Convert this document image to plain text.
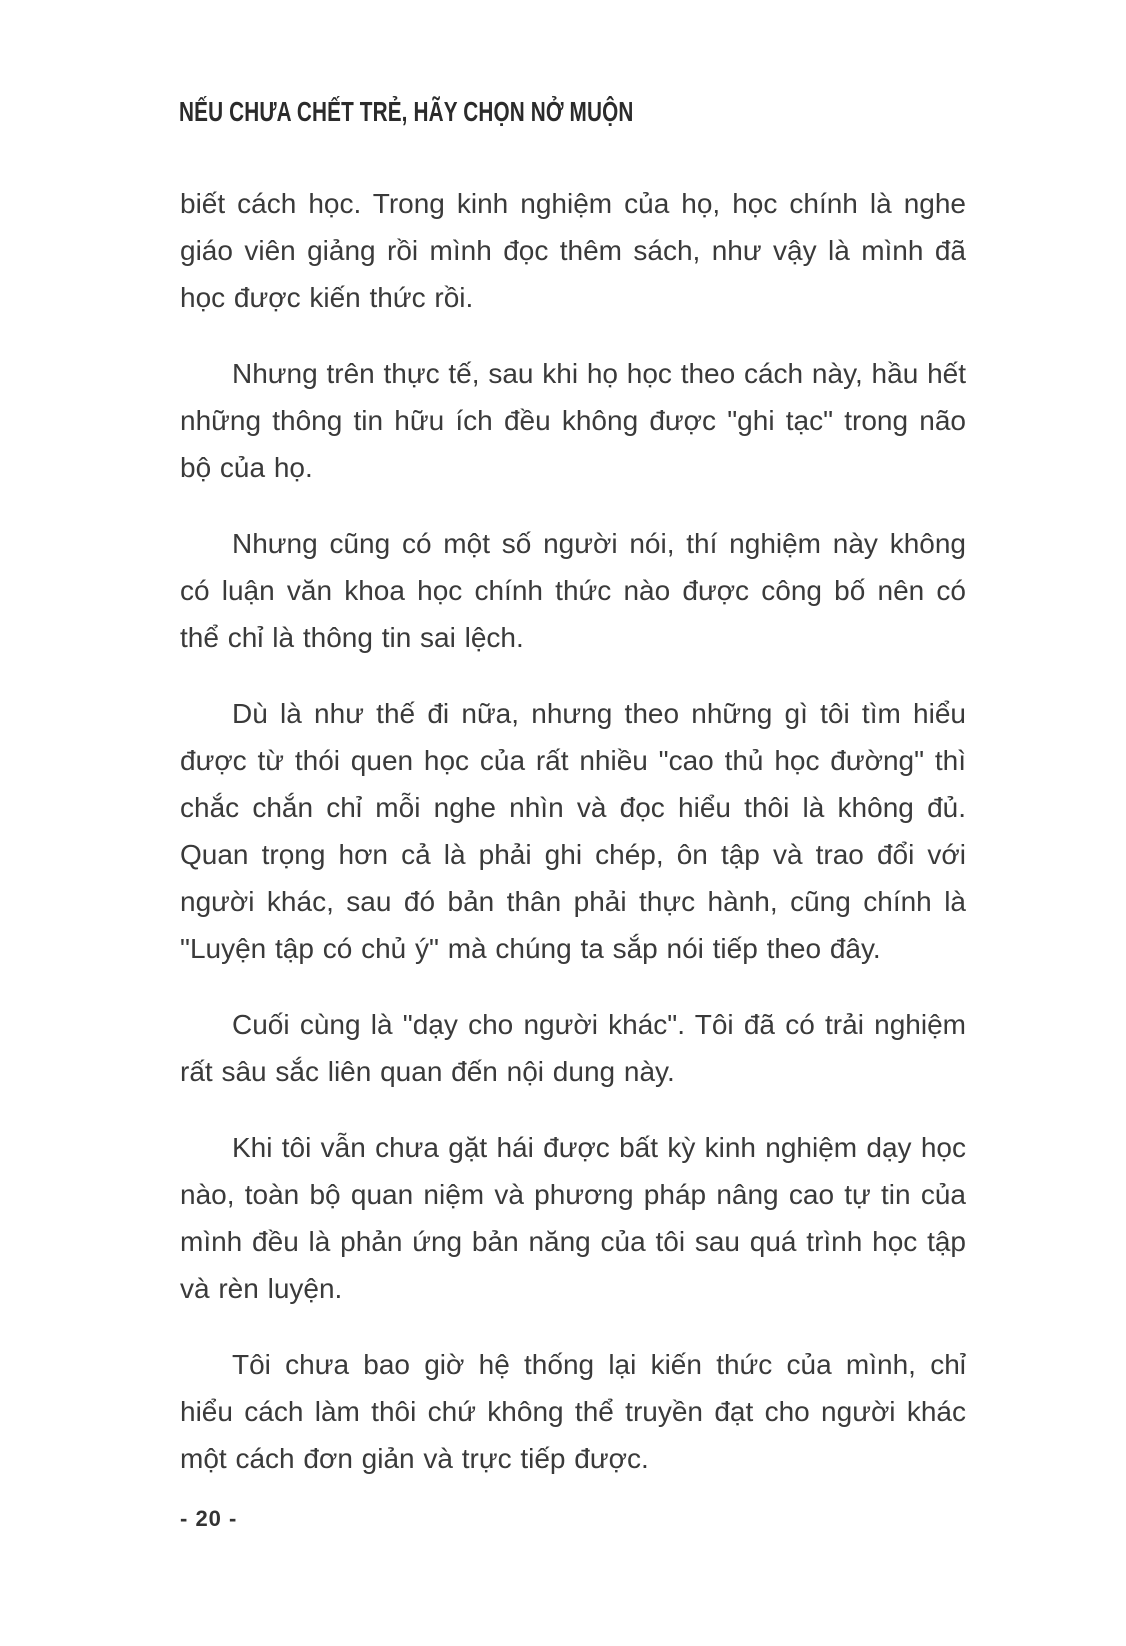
NẾU CHƯA CHẾT TRẺ, HÃY CHỌN NỞ MUỘN

biết cách học. Trong kinh nghiệm của họ, học chính là nghe giáo viên giảng rồi mình đọc thêm sách, như vậy là mình đã học được kiến thức rồi.

Nhưng trên thực tế, sau khi họ học theo cách này, hầu hết những thông tin hữu ích đều không được "ghi tạc" trong não bộ của họ.

Nhưng cũng có một số người nói, thí nghiệm này không có luận văn khoa học chính thức nào được công bố nên có thể chỉ là thông tin sai lệch.

Dù là như thế đi nữa, nhưng theo những gì tôi tìm hiểu được từ thói quen học của rất nhiều "cao thủ học đường" thì chắc chắn chỉ mỗi nghe nhìn và đọc hiểu thôi là không đủ. Quan trọng hơn cả là phải ghi chép, ôn tập và trao đổi với người khác, sau đó bản thân phải thực hành, cũng chính là "Luyện tập có chủ ý" mà chúng ta sắp nói tiếp theo đây.

Cuối cùng là "dạy cho người khác". Tôi đã có trải nghiệm rất sâu sắc liên quan đến nội dung này.

Khi tôi vẫn chưa gặt hái được bất kỳ kinh nghiệm dạy học nào, toàn bộ quan niệm và phương pháp nâng cao tự tin của mình đều là phản ứng bản năng của tôi sau quá trình học tập và rèn luyện.

Tôi chưa bao giờ hệ thống lại kiến thức của mình, chỉ hiểu cách làm thôi chứ không thể truyền đạt cho người khác một cách đơn giản và trực tiếp được.

- 20 -
